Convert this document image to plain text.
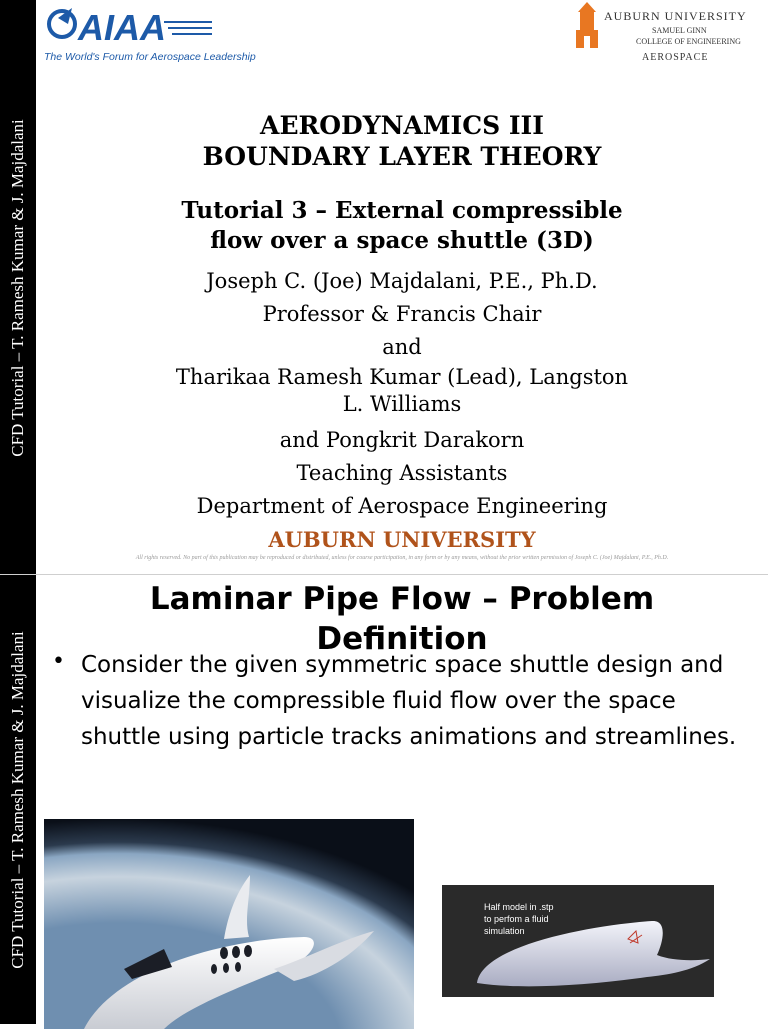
CFD Tutorial – T. Ramesh Kumar & J. Majdalani
AIAA
The World's Forum for Aerospace Leadership
AUBURN UNIVERSITY
SAMUEL GINN
COLLEGE OF ENGINEERING
AEROSPACE
AERODYNAMICS III
BOUNDARY LAYER THEORY
Tutorial 3 – External compressible
flow over a space shuttle (3D)
Joseph C. (Joe) Majdalani, P.E., Ph.D.
Professor & Francis Chair
and
Tharikaa Ramesh Kumar (Lead), Langston
L. Williams
and Pongkrit Darakorn
Teaching Assistants
Department of Aerospace Engineering
AUBURN UNIVERSITY
All rights reserved. No part of this publication may be reproduced or distributed, unless for course participation, in any form or by any means, without the prior written permission of Joseph C. (Joe) Majdalani, P.E., Ph.D.
CFD Tutorial – T. Ramesh Kumar & J. Majdalani
Laminar Pipe Flow – Problem
Definition
• Consider the given symmetric space shuttle design and visualize the compressible fluid flow over the space shuttle using particle tracks animations and streamlines.
Half model in .stp
to perfom a fluid
simulation
